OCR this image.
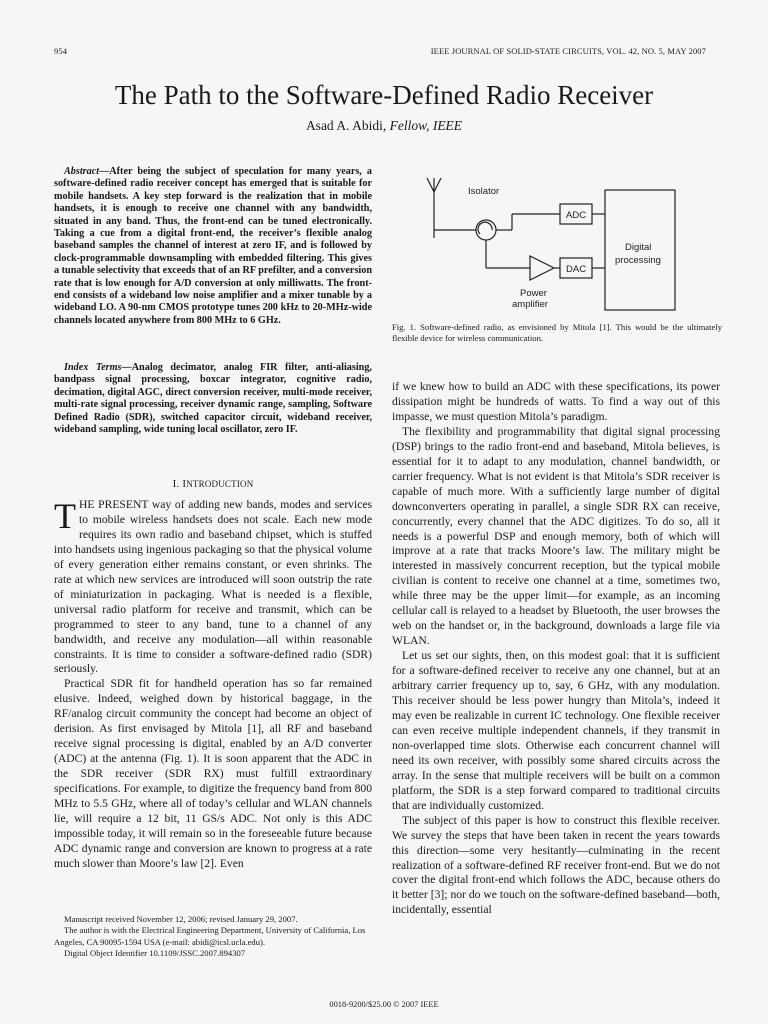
954	IEEE JOURNAL OF SOLID-STATE CIRCUITS, VOL. 42, NO. 5, MAY 2007
The Path to the Software-Defined Radio Receiver
Asad A. Abidi, Fellow, IEEE

Abstract—After being the subject of speculation for many years, a software-defined radio receiver concept has emerged that is suitable for mobile handsets. A key step forward is the realization that in mobile handsets, it is enough to receive one channel with any bandwidth, situated in any band. Thus, the front-end can be tuned electronically. Taking a cue from a digital front-end, the receiver’s flexible analog baseband samples the channel of interest at zero IF, and is followed by clock-programmable downsampling with embedded filtering. This gives a tunable selectivity that exceeds that of an RF prefilter, and a conversion rate that is low enough for A/D conversion at only milliwatts. The front-end consists of a wideband low noise amplifier and a mixer tunable by a wideband LO. A 90-nm CMOS prototype tunes 200 kHz to 20-MHz-wide channels located anywhere from 800 MHz to 6 GHz.

Index Terms—Analog decimator, analog FIR filter, anti-aliasing, bandpass signal processing, boxcar integrator, cognitive radio, decimation, digital AGC, direct conversion receiver, multi-mode receiver, multi-rate signal processing, receiver dynamic range, sampling, Software Defined Radio (SDR), switched capacitor circuit, wideband receiver, wideband sampling, wide tuning local oscillator, zero IF.

I. INTRODUCTION

THE PRESENT way of adding new bands, modes and services to mobile wireless handsets does not scale. Each new mode requires its own radio and baseband chipset, which is stuffed into handsets using ingenious packaging so that the physical volume of every generation either remains constant, or even shrinks. The rate at which new services are introduced will soon outstrip the rate of miniaturization in packaging. What is needed is a flexible, universal radio platform for receive and transmit, which can be programmed to steer to any band, tune to a channel of any bandwidth, and receive any modulation—all within reasonable constraints. It is time to consider a software-defined radio (SDR) seriously.

Practical SDR fit for handheld operation has so far remained elusive. Indeed, weighed down by historical baggage, in the RF/analog circuit community the concept had become an object of derision. As first envisaged by Mitola [1], all RF and baseband receive signal processing is digital, enabled by an A/D converter (ADC) at the antenna (Fig. 1). It is soon apparent that the ADC in the SDR receiver (SDR RX) must fulfill extraordinary specifications. For example, to digitize the frequency band from 800 MHz to 5.5 GHz, where all of today’s cellular and WLAN channels lie, will require a 12 bit, 11 GS/s ADC. Not only is this ADC impossible today, it will remain so in the foreseeable future because ADC dynamic range and conversion are known to progress at a rate much slower than Moore’s law [2]. Even

Manuscript received November 12, 2006; revised January 29, 2007.

The author is with the Electrical Engineering Department, University of California, Los Angeles, CA 90095-1594 USA (e-mail: abidi@icsl.ucla.edu).

Digital Object Identifier 10.1109/JSSC.2007.894307

Isolator
ADC
DAC
Digital
processing
Power
amplifier
Fig. 1. Software-defined radio, as envisioned by Mitola [1]. This would be the ultimately flexible device for wireless communication.

if we knew how to build an ADC with these specifications, its power dissipation might be hundreds of watts. To find a way out of this impasse, we must question Mitola’s paradigm.

The flexibility and programmability that digital signal processing (DSP) brings to the radio front-end and baseband, Mitola believes, is essential for it to adapt to any modulation, channel bandwidth, or carrier frequency. What is not evident is that Mitola’s SDR receiver is capable of much more. With a sufficiently large number of digital downconverters operating in parallel, a single SDR RX can receive, concurrently, every channel that the ADC digitizes. To do so, all it needs is a powerful DSP and enough memory, both of which will improve at a rate that tracks Moore’s law. The military might be interested in massively concurrent reception, but the typical mobile civilian is content to receive one channel at a time, sometimes two, while three may be the upper limit—for example, as an incoming cellular call is relayed to a headset by Bluetooth, the user browses the web on the handset or, in the background, downloads a large file via WLAN.

Let us set our sights, then, on this modest goal: that it is sufficient for a software-defined receiver to receive any one channel, but at an arbitrary carrier frequency up to, say, 6 GHz, with any modulation. This receiver should be less power hungry than Mitola’s, indeed it may even be realizable in current IC technology. One flexible receiver can even receive multiple independent channels, if they transmit in non-overlapped time slots. Otherwise each concurrent channel will need its own receiver, with possibly some shared circuits across the array. In the sense that multiple receivers will be built on a common platform, the SDR is a step forward compared to traditional circuits that are individually customized.

The subject of this paper is how to construct this flexible receiver. We survey the steps that have been taken in recent the years towards this direction—some very hesitantly—culminating in the recent realization of a software-defined RF receiver front-end. But we do not cover the digital front-end which follows the ADC, because others do it better [3]; nor do we touch on the software-defined baseband—both, incidentally, essential

0018-9200/$25.00 © 2007 IEEE
